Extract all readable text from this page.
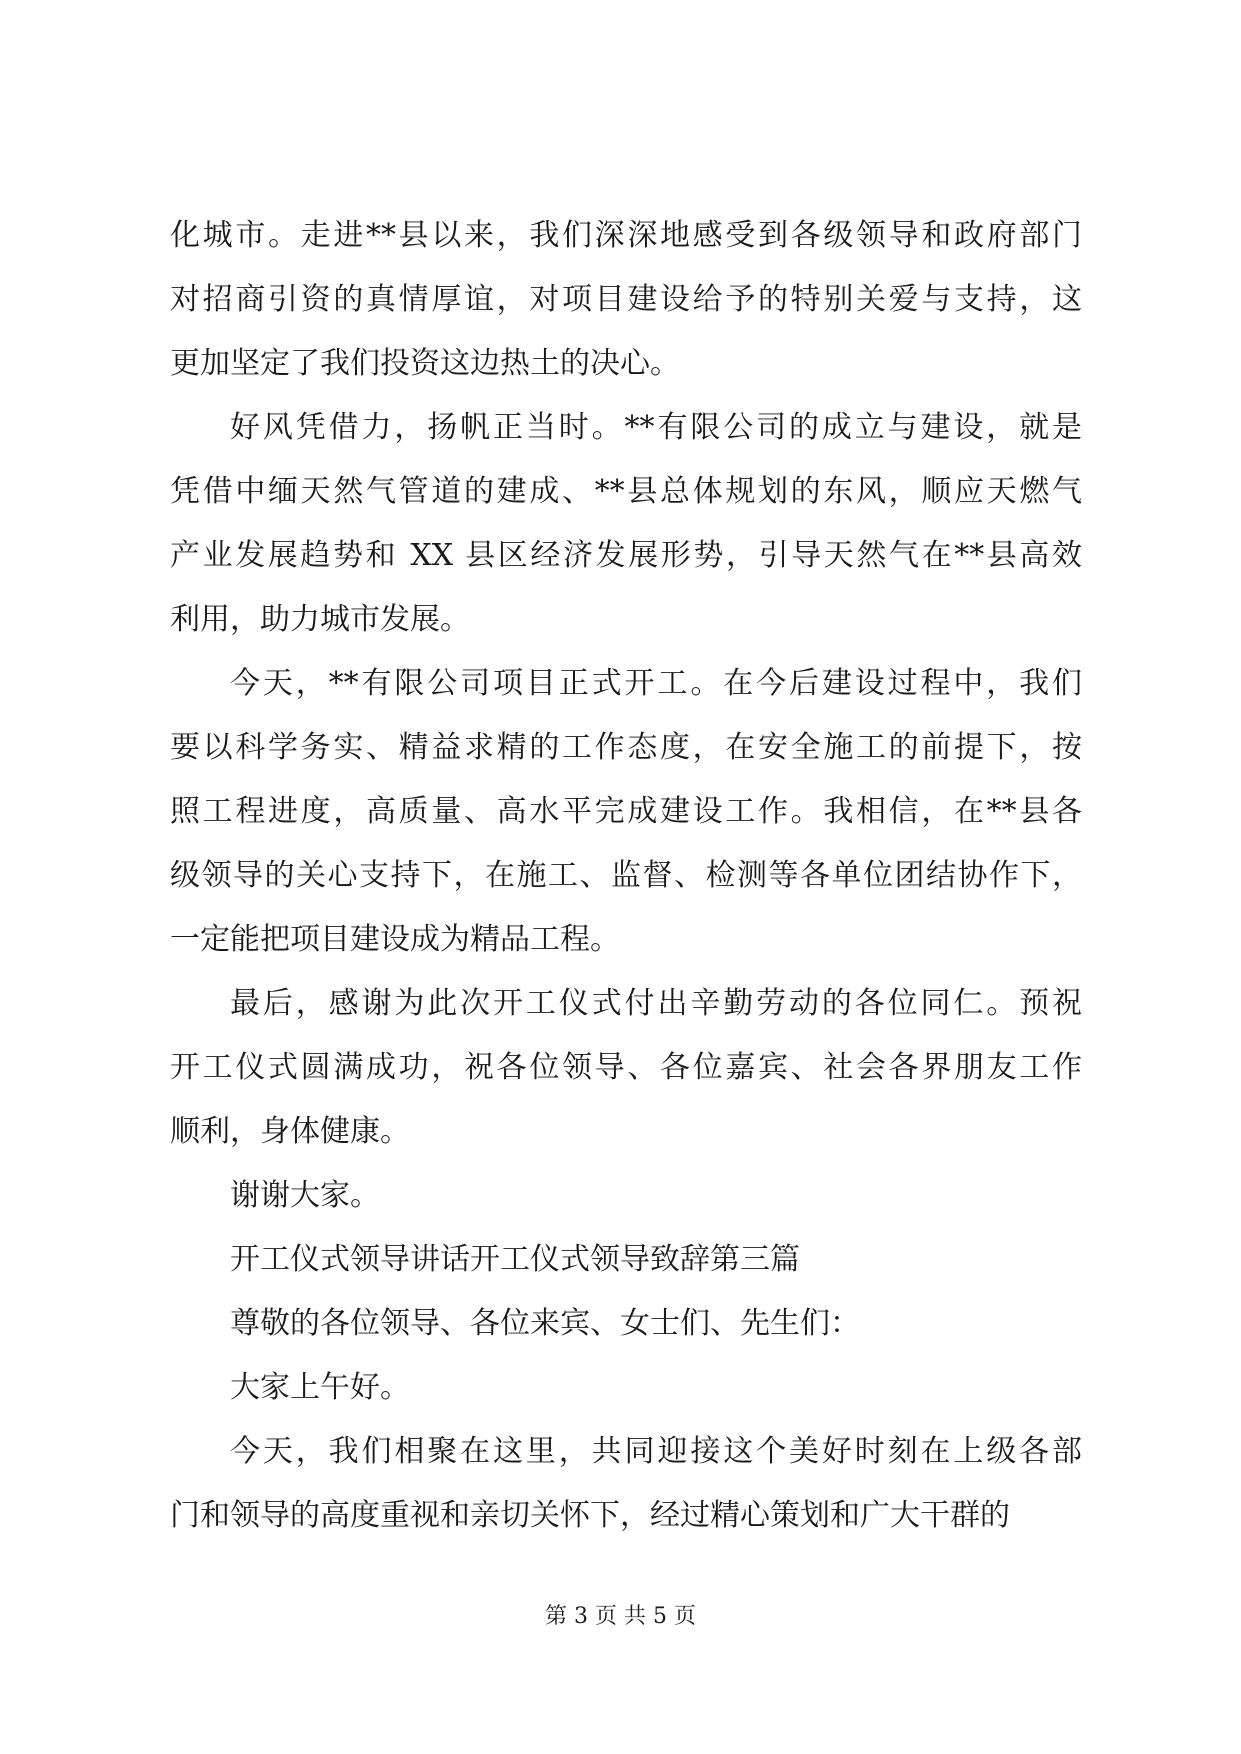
化城市。走进**县以来，我们深深地感受到各级领导和政府部门
对招商引资的真情厚谊，对项目建设给予的特别关爱与支持，这
更加坚定了我们投资这边热土的决心。
好风凭借力，扬帆正当时。**有限公司的成立与建设，就是
凭借中缅天然气管道的建成、**县总体规划的东风，顺应天燃气
产业发展趋势和 XX 县区经济发展形势，引导天然气在**县高效
利用，助力城市发展。
今天，**有限公司项目正式开工。在今后建设过程中，我们
要以科学务实、精益求精的工作态度，在安全施工的前提下，按
照工程进度，高质量、高水平完成建设工作。我相信，在**县各
级领导的关心支持下，在施工、监督、检测等各单位团结协作下，
一定能把项目建设成为精品工程。
最后，感谢为此次开工仪式付出辛勤劳动的各位同仁。预祝
开工仪式圆满成功，祝各位领导、各位嘉宾、社会各界朋友工作
顺利，身体健康。
谢谢大家。
开工仪式领导讲话开工仪式领导致辞第三篇
尊敬的各位领导、各位来宾、女士们、先生们：
大家上午好。
今天，我们相聚在这里，共同迎接这个美好时刻在上级各部
门和领导的高度重视和亲切关怀下，经过精心策划和广大干群的
第 3 页 共 5 页
